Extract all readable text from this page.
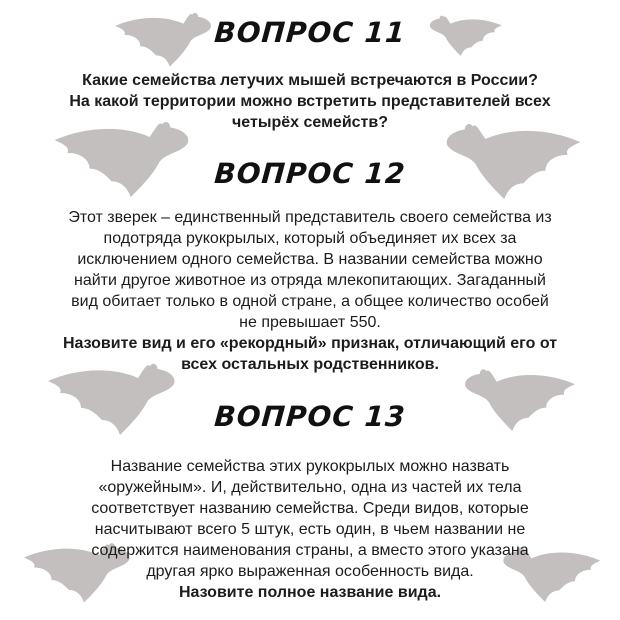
ВОПРОС 11
Какие семейства летучих мышей встречаются в России?
На какой территории можно встретить представителей всех
четырёх семейств?
ВОПРОС 12
Этот зверек – единственный представитель своего семейства из
подотряда рукокрылых, который объединяет их всех за
исключением одного семейства. В названии семейства можно
найти другое животное из отряда млекопитающих. Загаданный
вид обитает только в одной стране, а общее количество особей
не превышает 550.
Назовите вид и его «рекордный» признак, отличающий его от
всех остальных родственников.
ВОПРОС 13
Название семейства этих рукокрылых можно назвать
«оружейным». И, действительно, одна из частей их тела
соответствует названию семейства. Среди видов, которые
насчитывают всего 5 штук, есть один, в чьем названии не
содержится наименования страны, а вместо этого указана
другая ярко выраженная особенность вида.
Назовите полное название вида.
